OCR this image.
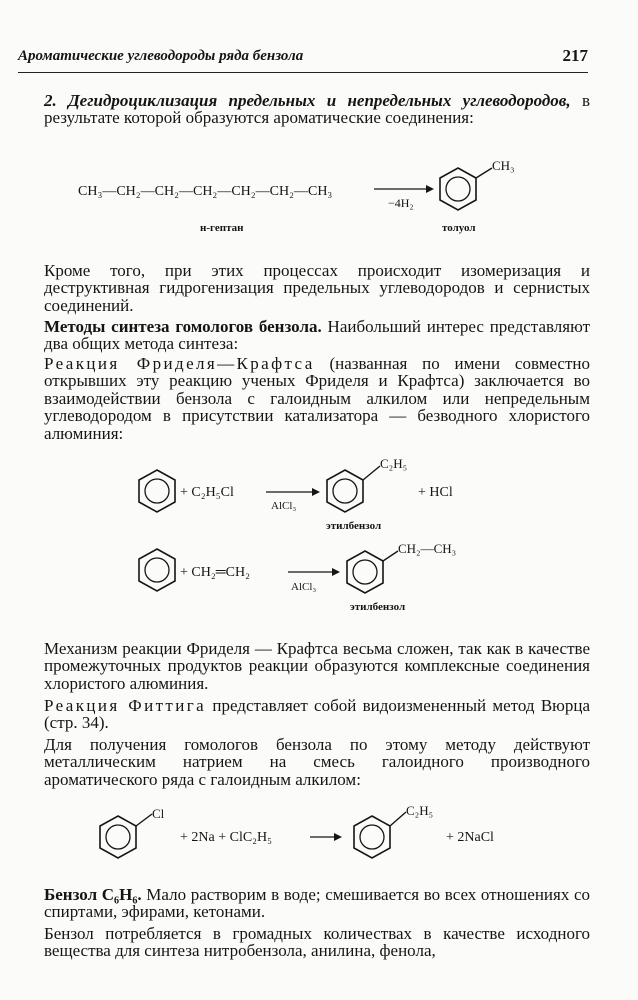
Ароматические углеводороды ряда бензола	217
2. Дегидроциклизация предельных и непредельных углеводородов, в результате которой образуются ароматические соединения:
CH₃—CH₂—CH₂—CH₂—CH₂—CH₂—CH₃
−4H₂
CH₃
н-гептан	толуол
Кроме того, при этих процессах происходит изомеризация и деструктивная гидрогенизация предельных углеводородов и сернистых соединений.
Методы синтеза гомологов бензола. Наибольший интерес представляют два общих метода синтеза:
Реакция Фриделя—Крафтса (названная по имени совместно открывших эту реакцию ученых Фриделя и Крафтса) заключается во взаимодействии бензола с галоидным алкилом или непредельным углеводородом в присутствии катализатора — безводного хлористого алюминия:
+ C₂H₅Cl
AlCl₃
C₂H₅
+ HCl
этилбензол
+ CH₂═CH₂
AlCl₃
CH₂—CH₃
этилбензол
Механизм реакции Фриделя — Крафтса весьма сложен, так как в качестве промежуточных продуктов реакции образуются комплексные соединения хлористого алюминия.
Реакция Фиттига представляет собой видоизмененный метод Вюрца (стр. 34).
Для получения гомологов бензола по этому методу действуют металлическим натрием на смесь галоидного производного ароматического ряда с галоидным алкилом:
Cl
+ 2Na + ClC₂H₅
C₂H₅
+ 2NaCl
Бензол C₆H₆. Мало растворим в воде; смешивается во всех отношениях со спиртами, эфирами, кетонами.
Бензол потребляется в громадных количествах в качестве исходного вещества для синтеза нитробензола, анилина, фенола,
